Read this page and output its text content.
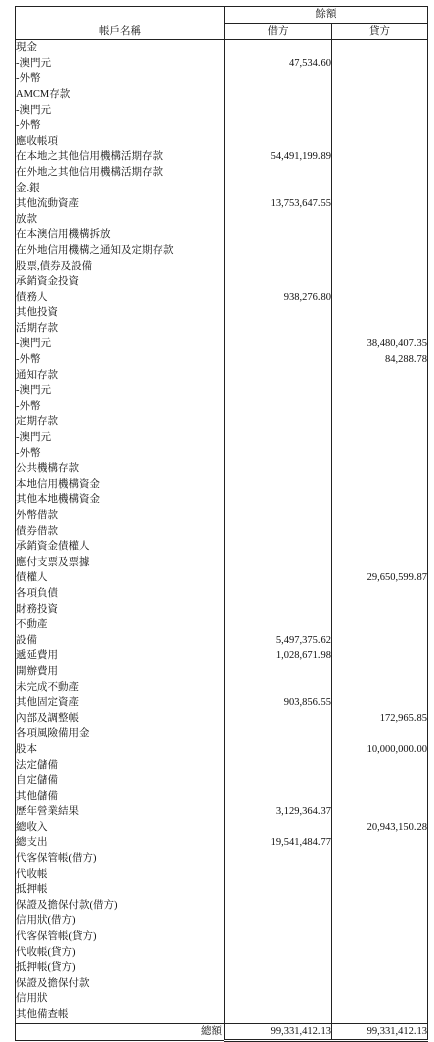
帳戶名稱	餘額	
	借方	貸方
現金		
-澳門元	47,534.60	
-外幣		
AMCM存款		
-澳門元		
-外幣		
應收帳項		
在本地之其他信用機構活期存款	54,491,199.89	
在外地之其他信用機構活期存款		
金.銀		
其他流動資產	13,753,647.55	
放款		
在本澳信用機構拆放		
在外地信用機構之通知及定期存款		
股票,債券及設備		
承銷資金投資		
債務人	938,276.80	
其他投資		
活期存款		
-澳門元		38,480,407.35
-外幣		84,288.78
通知存款		
-澳門元		
-外幣		
定期存款		
-澳門元		
-外幣		
公共機構存款		
本地信用機構資金		
其他本地機構資金		
外幣借款		
債券借款		
承銷資金債權人		
應付支票及票據		
債權人		29,650,599.87
各項負債		
財務投資		
不動產		
設備	5,497,375.62	
遞延費用	1,028,671.98	
開辦費用		
未完成不動產		
其他固定資產	903,856.55	
內部及調整帳		172,965.85
各項風險備用金		
股本		10,000,000.00
法定儲備		
自定儲備		
其他儲備		
歷年營業結果	3,129,364.37	
總收入		20,943,150.28
總支出	19,541,484.77	
代客保管帳(借方)		
代收帳		
抵押帳		
保證及擔保付款(借方)		
信用狀(借方)		
代客保管帳(貸方)		
代收帳(貸方)		
抵押帳(貸方)		
保證及擔保付款		
信用狀		
其他備查帳		
總額	99,331,412.13	99,331,412.13
